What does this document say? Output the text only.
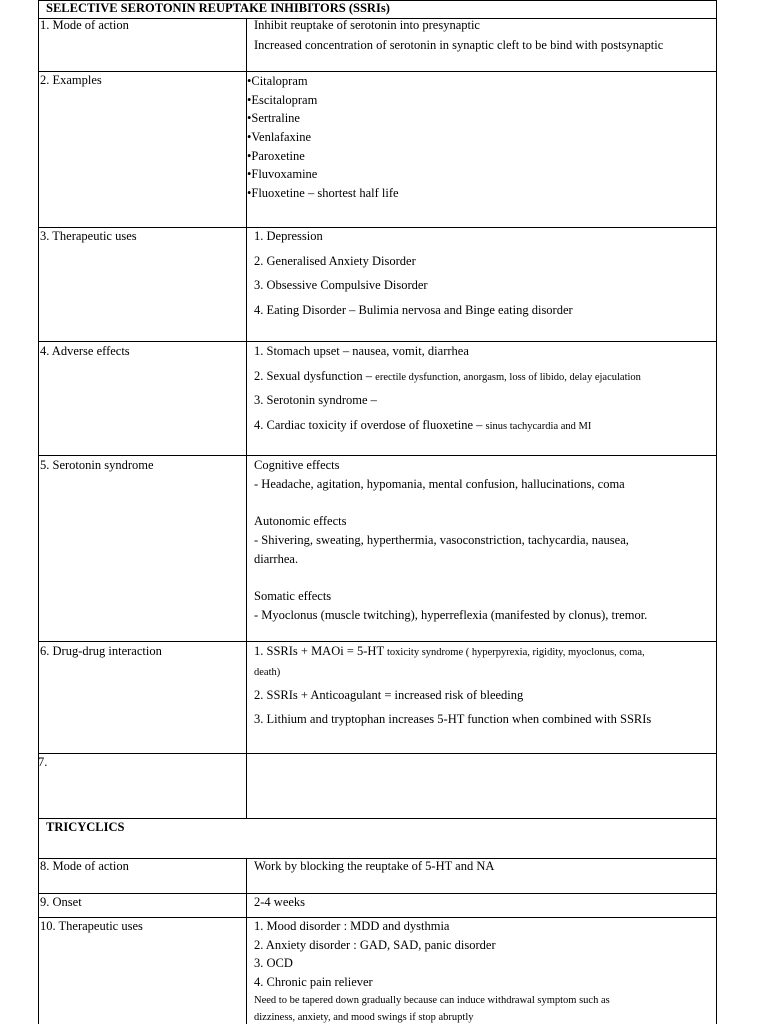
SELECTIVE SEROTONIN REUPTAKE INHIBITORS (SSRIs)
1. Mode of action	Inhibit reuptake of serotonin into presynaptic
Increased concentration of serotonin in synaptic cleft to be bind with postsynaptic
2. Examples	•Citalopram
•Escitalopram
•Sertraline
•Venlafaxine
•Paroxetine
•Fluvoxamine
•Fluoxetine – shortest half life
3. Therapeutic uses	1. Depression
2. Generalised Anxiety Disorder
3. Obsessive Compulsive Disorder
4. Eating Disorder – Bulimia nervosa and Binge eating disorder
4. Adverse effects	1. Stomach upset – nausea, vomit, diarrhea
2. Sexual dysfunction – erectile dysfunction, anorgasm, loss of libido, delay ejaculation
3. Serotonin syndrome –
4. Cardiac toxicity if overdose of fluoxetine – sinus tachycardia and MI
5. Serotonin syndrome	Cognitive effects
- Headache, agitation, hypomania, mental confusion, hallucinations, coma
Autonomic effects
- Shivering, sweating, hyperthermia, vasoconstriction, tachycardia, nausea,
diarrhea.
Somatic effects
- Myoclonus (muscle twitching), hyperreflexia (manifested by clonus), tremor.
6. Drug-drug interaction	1. SSRIs + MAOi = 5-HT toxicity syndrome ( hyperpyrexia, rigidity, myoclonus, coma,
death)
2. SSRIs + Anticoagulant = increased risk of bleeding
3. Lithium and tryptophan increases 5-HT function when combined with SSRIs
7.
TRICYCLICS
8. Mode of action	Work by blocking the reuptake of 5-HT and NA
9. Onset	2-4 weeks
10. Therapeutic uses	1. Mood disorder : MDD and dysthmia
2. Anxiety disorder : GAD, SAD, panic disorder
3. OCD
4. Chronic pain reliever
Need to be tapered down gradually because can induce withdrawal symptom such as
dizziness, anxiety, and mood swings if stop abruptly
